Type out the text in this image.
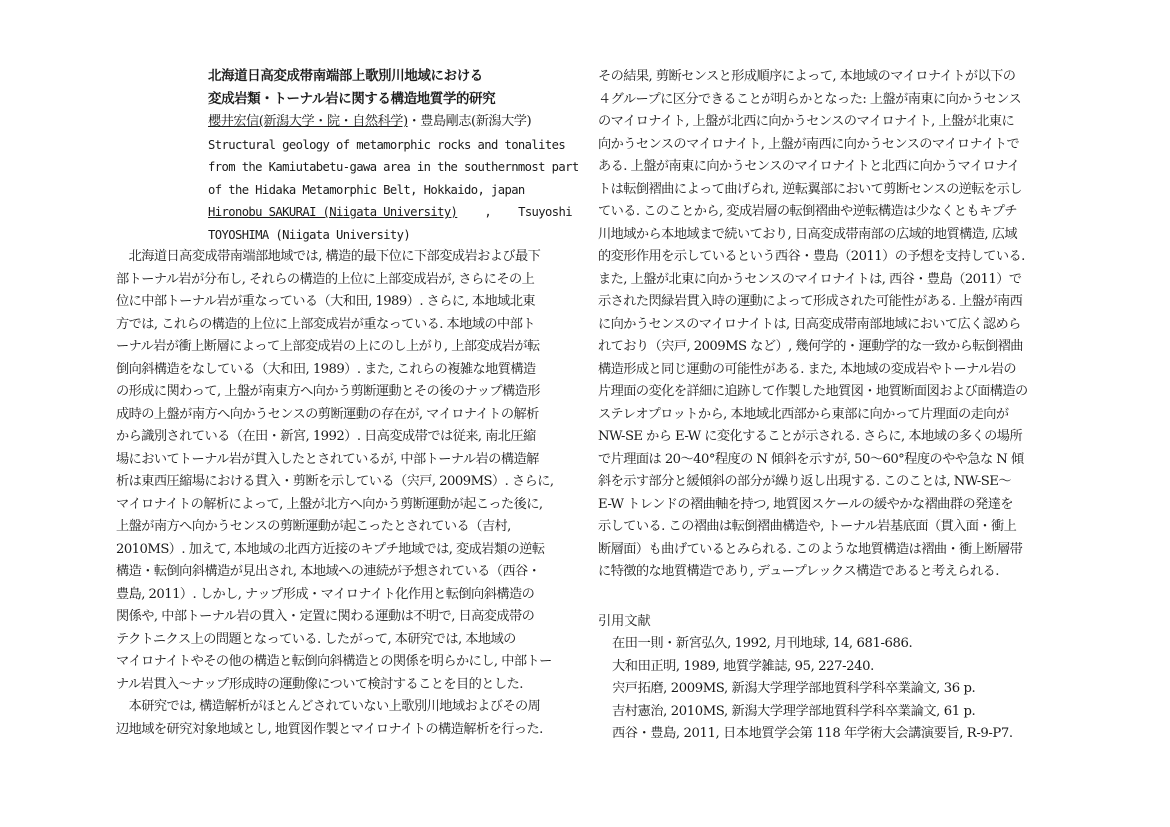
北海道日高変成帯南端部上歌別川地域における
変成岩類・トーナル岩に関する構造地質学的研究
櫻井宏信(新潟大学・院・自然科学)・豊島剛志(新潟大学)
Structural geology of metamorphic rocks and tonalites
from the Kamiutabetu-gawa area in the southernmost part
of the Hidaka Metamorphic Belt, Hokkaido, japan
Hironobu SAKURAI (Niigata University) , Tsuyoshi
TOYOSHIMA (Niigata University)
　北海道日高変成帯南端部地域では, 構造的最下位に下部変成岩および最下
部トーナル岩が分布し, それらの構造的上位に上部変成岩が, さらにその上
位に中部トーナル岩が重なっている（大和田, 1989）. さらに, 本地域北東
方では, これらの構造的上位に上部変成岩が重なっている. 本地域の中部ト
ーナル岩が衝上断層によって上部変成岩の上にのし上がり, 上部変成岩が転
倒向斜構造をなしている（大和田, 1989）. また, これらの複雑な地質構造
の形成に関わって, 上盤が南東方へ向かう剪断運動とその後のナップ構造形
成時の上盤が南方へ向かうセンスの剪断運動の存在が, マイロナイトの解析
から識別されている（在田・新宮, 1992）. 日高変成帯では従来, 南北圧縮
場においてトーナル岩が貫入したとされているが, 中部トーナル岩の構造解
析は東西圧縮場における貫入・剪断を示している（宍戸, 2009MS）. さらに,
マイロナイトの解析によって, 上盤が北方へ向かう剪断運動が起こった後に,
上盤が南方へ向かうセンスの剪断運動が起こったとされている（吉村,
2010MS）. 加えて, 本地域の北西方近接のキプチ地域では, 変成岩類の逆転
構造・転倒向斜構造が見出され, 本地域への連続が予想されている（西谷・
豊島, 2011）. しかし, ナップ形成・マイロナイト化作用と転倒向斜構造の
関係や, 中部トーナル岩の貫入・定置に関わる運動は不明で, 日高変成帯の
テクトニクス上の問題となっている. したがって, 本研究では, 本地域の
マイロナイトやその他の構造と転倒向斜構造との関係を明らかにし, 中部トー
ナル岩貫入〜ナップ形成時の運動像について検討することを目的とした.
　本研究では, 構造解析がほとんどされていない上歌別川地域およびその周
辺地域を研究対象地域とし, 地質図作製とマイロナイトの構造解析を行った.
その結果, 剪断センスと形成順序によって, 本地域のマイロナイトが以下の
４グループに区分できることが明らかとなった: 上盤が南東に向かうセンス
のマイロナイト, 上盤が北西に向かうセンスのマイロナイト, 上盤が北東に
向かうセンスのマイロナイト, 上盤が南西に向かうセンスのマイロナイトで
ある. 上盤が南東に向かうセンスのマイロナイトと北西に向かうマイロナイ
トは転倒褶曲によって曲げられ, 逆転翼部において剪断センスの逆転を示し
ている. このことから, 変成岩層の転倒褶曲や逆転構造は少なくともキプチ
川地域から本地域まで続いており, 日高変成帯南部の広域的地質構造, 広域
的変形作用を示しているという西谷・豊島（2011）の予想を支持している.
また, 上盤が北東に向かうセンスのマイロナイトは, 西谷・豊島（2011）で
示された閃緑岩貫入時の運動によって形成された可能性がある. 上盤が南西
に向かうセンスのマイロナイトは, 日高変成帯南部地域において広く認めら
れており（宍戸, 2009MS など）, 幾何学的・運動学的な一致から転倒褶曲
構造形成と同じ運動の可能性がある. また, 本地域の変成岩やトーナル岩の
片理面の変化を詳細に追跡して作製した地質図・地質断面図および面構造の
ステレオプロットから, 本地域北西部から東部に向かって片理面の走向が
NW-SE から E-W に変化することが示される. さらに, 本地域の多くの場所
で片理面は 20〜40°程度の N 傾斜を示すが, 50〜60°程度のやや急な N 傾
斜を示す部分と緩傾斜の部分が繰り返し出現する. このことは, NW-SE〜
E-W トレンドの褶曲軸を持つ, 地質図スケールの緩やかな褶曲群の発達を
示している. この褶曲は転倒褶曲構造や, トーナル岩基底面（貫入面・衝上
断層面）も曲げているとみられる. このような地質構造は褶曲・衝上断層帯
に特徴的な地質構造であり, デュープレックス構造であると考えられる.
引用文献
在田一則・新宮弘久, 1992, 月刊地球, 14, 681-686.
大和田正明, 1989, 地質学雑誌, 95, 227-240.
宍戸拓磨, 2009MS, 新潟大学理学部地質科学科卒業論文, 36 p.
吉村憲治, 2010MS, 新潟大学理学部地質科学科卒業論文, 61 p.
西谷・豊島, 2011, 日本地質学会第 118 年学術大会講演要旨, R-9-P7.
